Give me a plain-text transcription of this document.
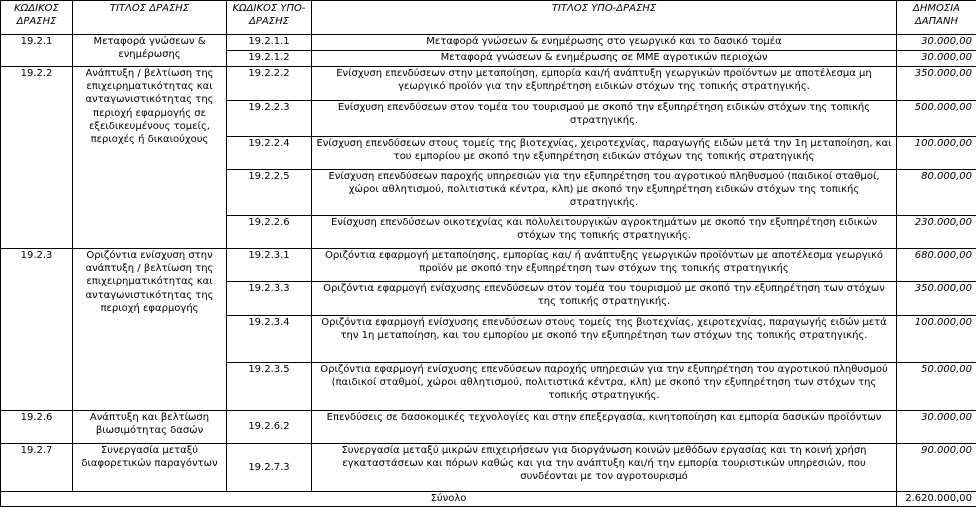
ΚΩΔΙΚΟΣ ΔΡΑΣΗΣ	ΤΙΤΛΟΣ ΔΡΑΣΗΣ	ΚΩΔΙΚΟΣ ΥΠΟ-ΔΡΑΣΗΣ	ΤΙΤΛΟΣ ΥΠΟ-ΔΡΑΣΗΣ	ΔΗΜΟΣΙΑ ΔΑΠΑΝΗ
19.2.1	Μεταφορά γνώσεων & ενημέρωσης	19.2.1.1	Μεταφορά γνώσεων & ενημέρωσης στο γεωργικό και το δασικό τομέα	30.000,00
		19.2.1.2	Μεταφορά γνώσεων & ενημέρωσης σε ΜΜΕ αγροτικών περιοχών	30.000,00
19.2.2	Ανάπτυξη / βελτίωση της επιχειρηματικότητας και ανταγωνιστικότητας της περιοχή εφαρμογής σε εξειδικευμένους τομείς, περιοχές ή δικαιούχους	19.2.2.2	Ενίσχυση επενδύσεων στην μεταποίηση, εμπορία και/ή ανάπτυξη γεωργικών προϊόντων με αποτέλεσμα μη γεωργικό προϊόν για την εξυπηρέτηση ειδικών στόχων της τοπικής στρατηγικής.	350.000,00
		19.2.2.3	Ενίσχυση επενδύσεων στον τομέα του τουρισμού με σκοπό την εξυπηρέτηση ειδικών στόχων της τοπικής στρατηγικής.	500.000,00
		19.2.2.4	Ενίσχυση επενδύσεων στους τομείς της βιοτεχνίας, χειροτεχνίας, παραγωγής ειδών μετά την 1η μεταποίηση, και του εμπορίου με σκοπό την εξυπηρέτηση ειδικών στόχων της τοπικής στρατηγικής	100.000,00
		19.2.2.5	Ενίσχυση επενδύσεων παροχής υπηρεσιών για την εξυπηρέτηση του αγροτικού πληθυσμού (παιδικοί σταθμοί, χώροι αθλητισμού, πολιτιστικά κέντρα, κλπ) με σκοπό την εξυπηρέτηση ειδικών στόχων της τοπικής στρατηγικής.	80.000,00
		19.2.2.6	Ενίσχυση επενδύσεων οικοτεχνίας και πολυλειτουργικών αγροκτημάτων με σκοπό την εξυπηρέτηση ειδικών στόχων της τοπικής στρατηγικής.	230.000,00
19.2.3	Οριζόντια ενίσχυση στην ανάπτυξη / βελτίωση της επιχειρηματικότητας και ανταγωνιστικότητας της περιοχή εφαρμογής	19.2.3.1	Οριζόντια εφαρμογή μεταποίησης, εμπορίας και/ ή ανάπτυξης γεωργικών προϊόντων με αποτέλεσμα γεωργικό προϊόν με σκοπό την εξυπηρέτηση των στόχων της τοπικής στρατηγικής	680.000,00
		19.2.3.3	Οριζόντια εφαρμογή ενίσχυσης επενδύσεων στον τομέα του τουρισμού με σκοπό την εξυπηρέτηση των στόχων της τοπικής στρατηγικής.	350.000,00
		19.2.3.4	Οριζόντια εφαρμογή ενίσχυσης επενδύσεων στους τομείς της βιοτεχνίας, χειροτεχνίας, παραγωγής ειδών μετά την 1η μεταποίηση, και του εμπορίου με σκοπό την εξυπηρέτηση των στόχων της τοπικής στρατηγικής.	100.000,00
		19.2.3.5	Οριζόντια εφαρμογή ενίσχυσης επενδύσεων παροχής υπηρεσιών για την εξυπηρέτηση του αγροτικού πληθυσμού (παιδικοί σταθμοί, χώροι αθλητισμού, πολιτιστικά κέντρα, κλπ) με σκοπό την εξυπηρέτηση των στόχων της τοπικής στρατηγικής.	50.000,00
19.2.6	Ανάπτυξη και βελτίωση βιωσιμότητας δασών	19.2.6.2	Επενδύσεις σε δασοκομικές τεχνολογίες και στην επεξεργασία, κινητοποίηση και εμπορία δασικών προϊόντων	30.000,00
19.2.7	Συνεργασία μεταξύ διαφορετικών παραγόντων	19.2.7.3	Συνεργασία μεταξύ μικρών επιχειρήσεων για διοργάνωση κοινών μεθόδων εργασίας και τη κοινή χρήση εγκαταστάσεων και πόρων καθώς και για την ανάπτυξη και/ή την εμπορία τουριστικών υπηρεσιών, που συνδέονται με τον αγροτουρισμό	90.000,00
Σύνολο				2.620.000,00
